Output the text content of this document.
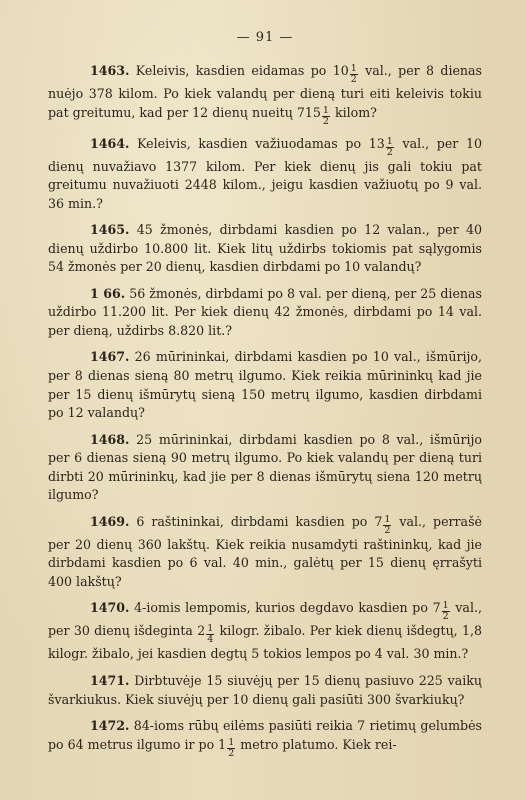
— 91 —

1463. Keleivis, kasdien eidamas po $10 \frac{1}{2}$ val., per 8 dienas nuėjo 378 kilom. Po kiek valandų per dieną turi eiti keleivis tokiu pat greitumu, kad per 12 dienų nueitų $715 \frac{1}{2}$ kilom?

1464. Keleivis, kasdien važiuodamas po $13 \frac{1}{2}$ val., per 10 dienų nuvažiavo 1377 kilom. Per kiek dienų jis gali tokiu pat greitumu nuvažiuoti 2448 kilom., jeigu kasdien važiuotų po 9 val. 36 min.?

1465. 45 žmonės, dirbdami kasdien po 12 valan., per 40 dienų uždirbo 10.800 lit. Kiek litų uždirbs tokiomis pat sąlygomis 54 žmonės per 20 dienų, kasdien dirbdami po 10 valandų?

1 66. 56 žmonės, dirbdami po 8 val. per dieną, per 25 dienas uždirbo 11.200 lit. Per kiek dienų 42 žmonės, dirbdami po 14 val. per dieną, uždirbs 8.820 lit.?

1467. 26 mūrininkai, dirbdami kasdien po 10 val., išmūrijo, per 8 dienas sieną 80 metrų ilgumo. Kiek reikia mūrininkų kad jie per 15 dienų išmūrytų sieną 150 metrų ilgumo, kasdien dirbdami po 12 valandų?

1468. 25 mūrininkai, dirbdami kasdien po 8 val., išmūrijo per 6 dienas sieną 90 metrų ilgumo. Po kiek valandų per dieną turi dirbti 20 mūrininkų, kad jie per 8 dienas išmūrytų siena 120 metrų ilgumo?

1469. 6 raštininkai, dirbdami kasdien po $7 \frac{1}{2}$ val., perrašė per 20 dienų 360 lakštų. Kiek reikia nusamdyti raštininkų, kad jie dirbdami kasdien po 6 val. 40 min., galėtų per 15 dienų ęrrašyti 400 lakštų?

1470. 4-iomis lempomis, kurios degdavo kasdien po $7 \frac{1}{2}$ val., per 30 dienų išdeginta $2 \frac{1}{4} kilogr$. žibalo. Per kiek dienų išdegtų, 1,8 kilogr. žibalo, jei kasdien degtų 5 tokios lempos po 4 val. 30 min.?

1471. Dirbtuvėje 15 siuvėjų per 15 dienų pasiuvo 225 vaikų švarkiukus. Kiek siuvėjų per 10 dienų gali pasiūti 300 švarkiukų?

1472. 84-ioms rūbų eilėms pasiūti reikia 7 rietimų gelumbės po 64 metrus ilgumo ir po $1 \frac{1}{2}$ metro platumo. Kiek rei-
